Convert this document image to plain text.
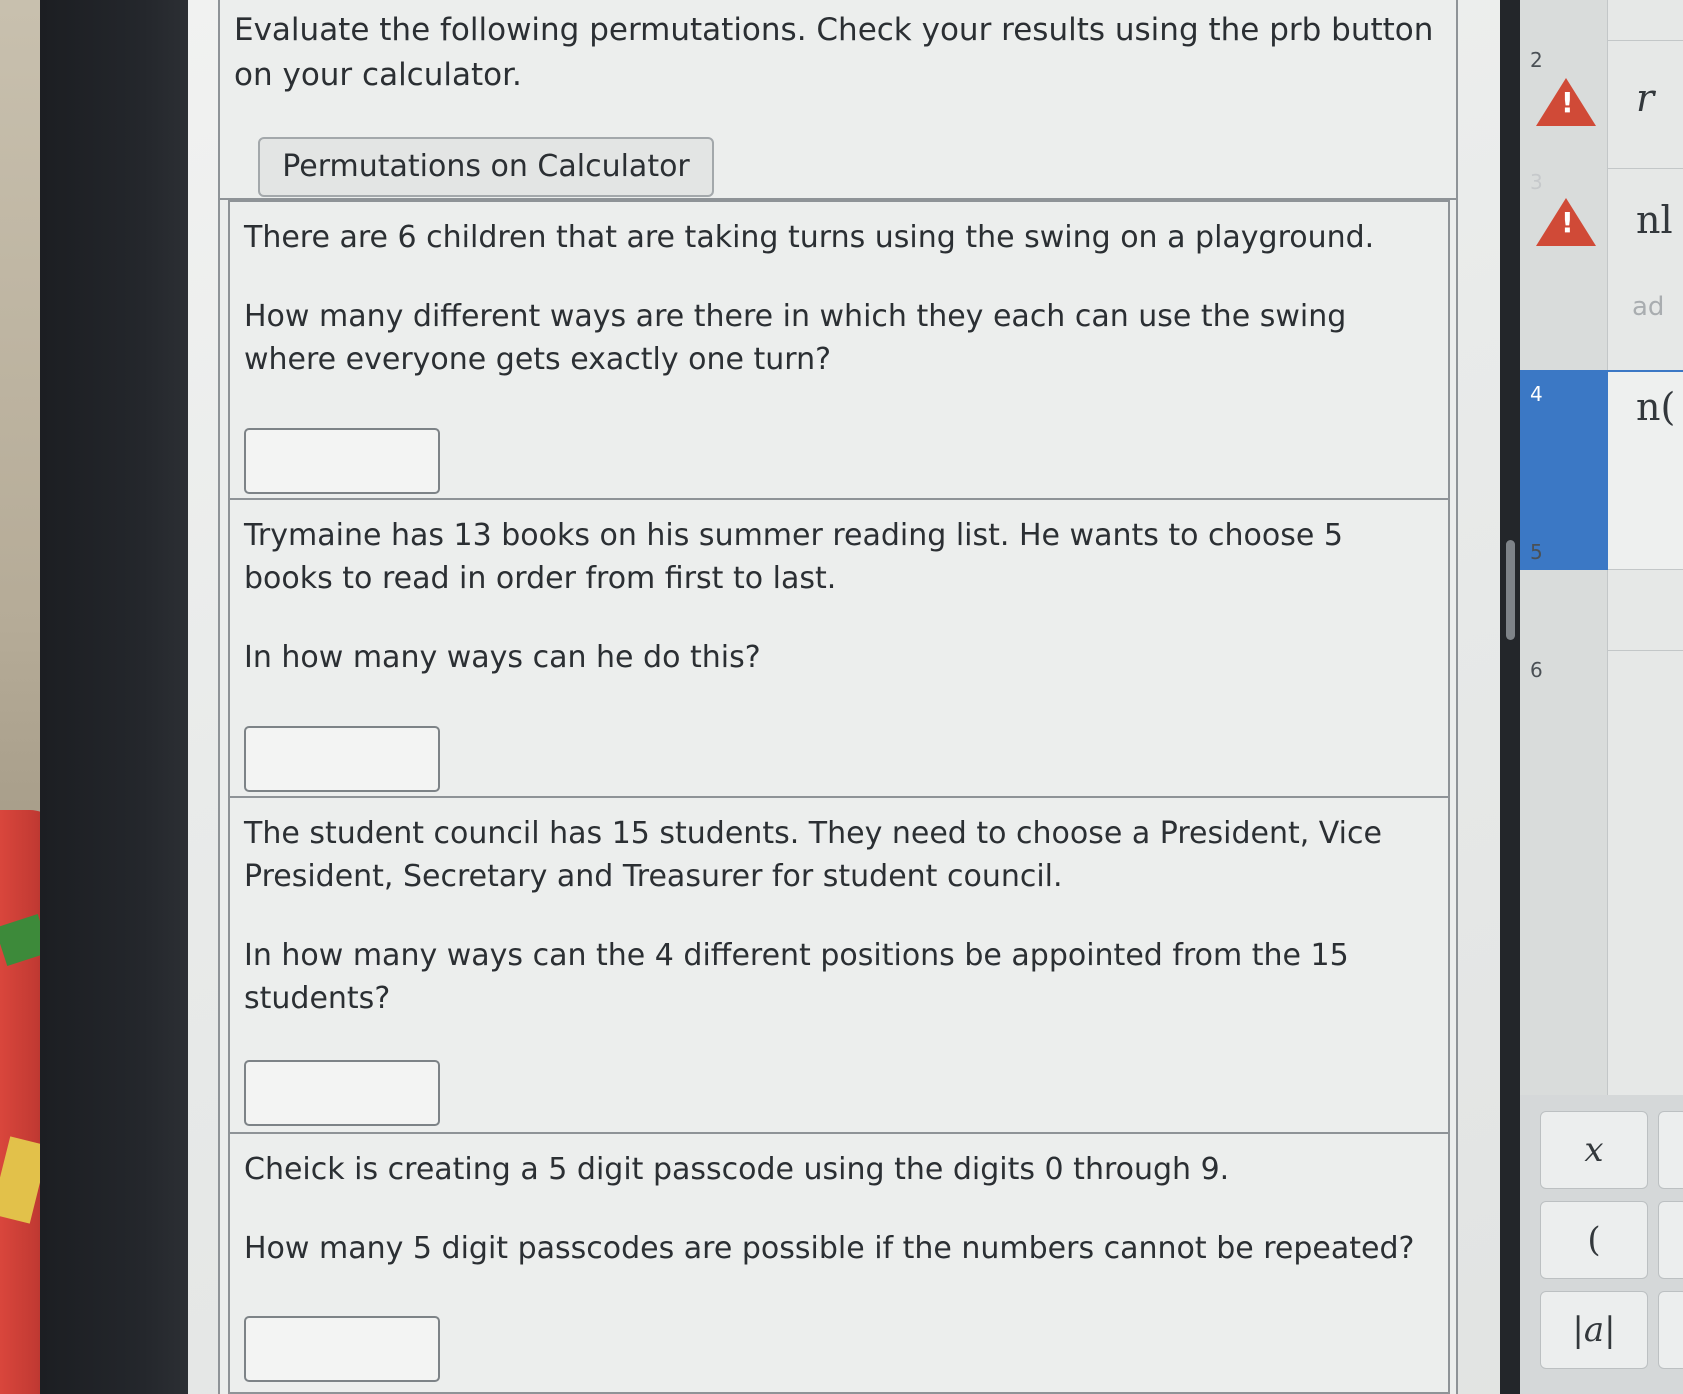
Evaluate the following permutations. Check your results using the prb button on your calculator.

Permutations on Calculator

There are 6 children that are taking turns using the swing on a playground.

How many different ways are there in which they each can use the swing where everyone gets exactly one turn?

Trymaine has 13 books on his summer reading list. He wants to choose 5 books to read in order from first to last.

In how many ways can he do this?

The student council has 15 students. They need to choose a President, Vice President, Secretary and Treasurer for student council.

In how many ways can the 4 different positions be appointed from the 15 students?

Cheick is creating a 5 digit passcode using the digits 0 through 9.

How many 5 digit passcodes are possible if the numbers cannot be repeated?

2
! r
3
! nl
ad
4 n(
5
6
x
(
|a|
